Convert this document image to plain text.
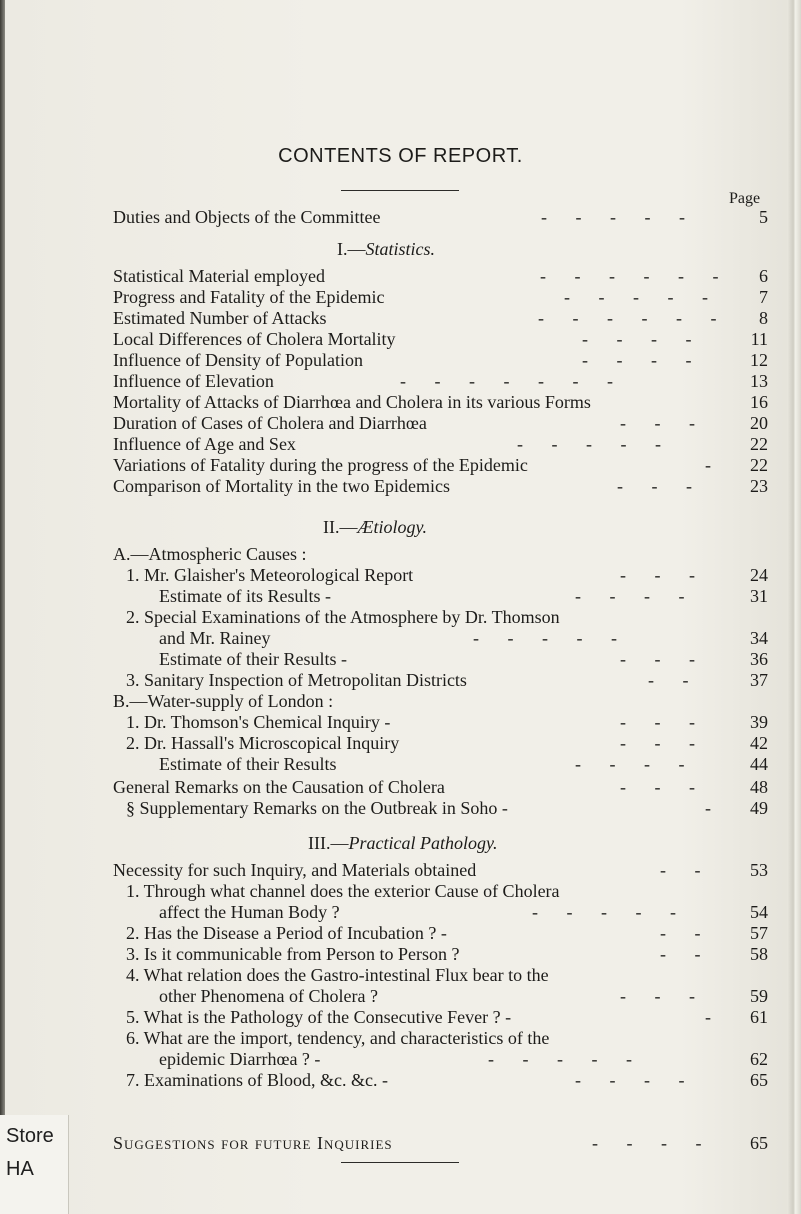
CONTENTS OF REPORT.
Page
Duties and Objects of the Committee	- - - - -	5
I.—Statistics.
Statistical Material employed	- - - - - -	6
Progress and Fatality of the Epidemic	- - - - -	7
Estimated Number of Attacks	- - - - - -	8
Local Differences of Cholera Mortality	- - - -	11
Influence of Density of Population	- - - -	12
Influence of Elevation	- - - - - - -	13
Mortality of Attacks of Diarrhœa and Cholera in its various Forms	16
Duration of Cases of Cholera and Diarrhœa	- - -	20
Influence of Age and Sex	- - - - -	22
Variations of Fatality during the progress of the Epidemic	-	22
Comparison of Mortality in the two Epidemics	- - -	23
II.—Ætiology.
A.—Atmospheric Causes :
1. Mr. Glaisher's Meteorological Report	- - -	24
Estimate of its Results -	- - - -	31
2. Special Examinations of the Atmosphere by Dr. Thomson
and Mr. Rainey	- - - - -	34
Estimate of their Results -	- - -	36
3. Sanitary Inspection of Metropolitan Districts	- -	37
B.—Water-supply of London :
1. Dr. Thomson's Chemical Inquiry -	- - -	39
2. Dr. Hassall's Microscopical Inquiry	- - -	42
Estimate of their Results	- - - -	44
General Remarks on the Causation of Cholera	- - -	48
§ Supplementary Remarks on the Outbreak in Soho -	-	49
III.—Practical Pathology.
Necessity for such Inquiry, and Materials obtained	- -	53
1. Through what channel does the exterior Cause of Cholera
affect the Human Body ?	- - - - -	54
2. Has the Disease a Period of Incubation ? -	- -	57
3. Is it communicable from Person to Person ?	- -	58
4. What relation does the Gastro-intestinal Flux bear to the
other Phenomena of Cholera ?	- - -	59
5. What is the Pathology of the Consecutive Fever ? -	-	61
6. What are the import, tendency, and characteristics of the
epidemic Diarrhœa ? -	- - - - -	62
7. Examinations of Blood, &c. &c. -	- - - -	65
Suggestions for future Inquiries	- - - -	65
Store
HA
